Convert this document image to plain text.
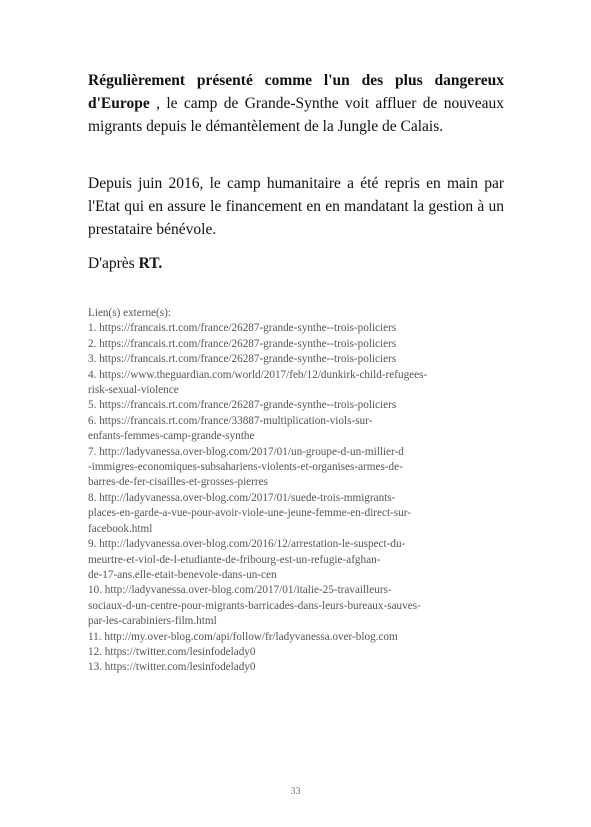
Régulièrement présenté comme l'un des plus dangereux d'Europe , le camp de Grande-Synthe voit affluer de nouveaux migrants depuis le démantèlement de la Jungle de Calais.

Depuis juin 2016, le camp humanitaire a été repris en main par l'Etat qui en assure le financement en en mandatant la gestion à un prestataire bénévole.

D'après RT.

Lien(s) externe(s):
1. https://francais.rt.com/france/26287-grande-synthe--trois-policiers
2. https://francais.rt.com/france/26287-grande-synthe--trois-policiers
3. https://francais.rt.com/france/26287-grande-synthe--trois-policiers
4. https://www.theguardian.com/world/2017/feb/12/dunkirk-child-refugees-
risk-sexual-violence
5. https://francais.rt.com/france/26287-grande-synthe--trois-policiers
6. https://francais.rt.com/france/33887-multiplication-viols-sur-
enfants-femmes-camp-grande-synthe
7. http://ladyvanessa.over-blog.com/2017/01/un-groupe-d-un-millier-d
-immigres-economiques-subsahariens-violents-et-organises-armes-de-
barres-de-fer-cisailles-et-grosses-pierres
8. http://ladyvanessa.over-blog.com/2017/01/suede-trois-mmigrants-
places-en-garde-a-vue-pour-avoir-viole-une-jeune-femme-en-direct-sur-
facebook.html
9. http://ladyvanessa.over-blog.com/2016/12/arrestation-le-suspect-du-
meurtre-et-viol-de-l-etudiante-de-fribourg-est-un-refugie-afghan-
de-17-ans.elle-etait-benevole-dans-un-cen
10. http://ladyvanessa.over-blog.com/2017/01/italie-25-travailleurs-
sociaux-d-un-centre-pour-migrants-barricades-dans-leurs-bureaux-sauves-
par-les-carabiniers-film.html
11. http://my.over-blog.com/api/follow/fr/ladyvanessa.over-blog.com
12. https://twitter.com/lesinfodelady0
13. https://twitter.com/lesinfodelady0
33
